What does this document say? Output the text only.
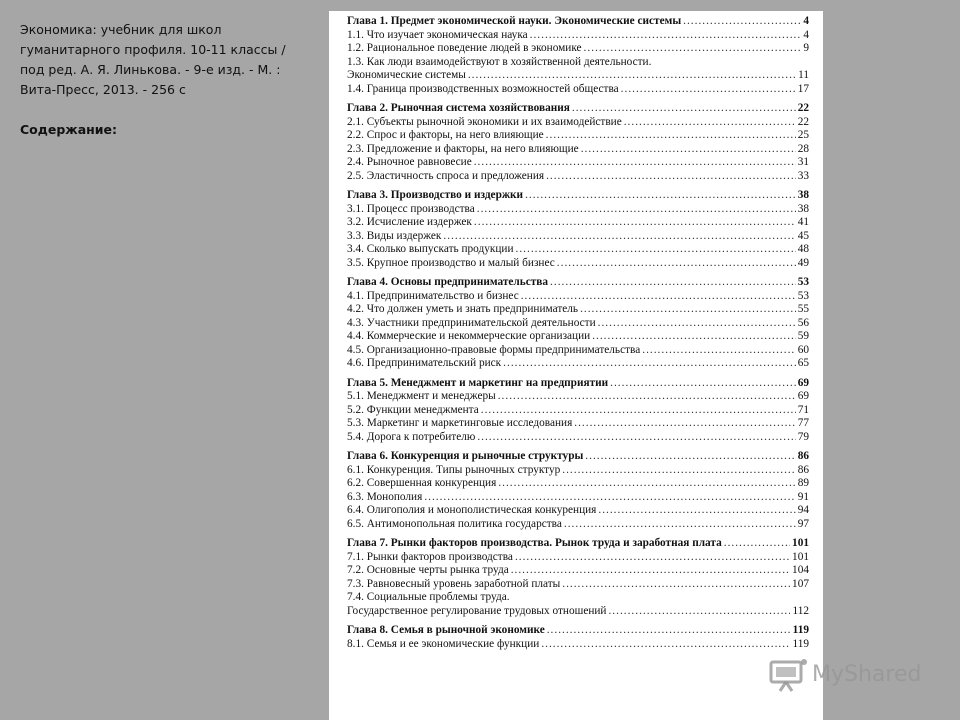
Экономика: учебник для школ
гуманитарного профиля. 10-11 классы /
под ред. А. Я. Линькова. - 9-е изд. - М. :
Вита-Пресс, 2013. - 256 с
Содержание:
Глава 1. Предмет экономической науки. Экономические системы .....	4
1.1. Что изучает экономическая наука .....	4
1.2. Рациональное поведение людей в экономике .....	9
1.3. Как люди взаимодействуют в хозяйственной деятельности.
Экономические системы .....	11
1.4. Граница производственных возможностей общества .....	17
Глава 2. Рыночная система хозяйствования .....	22
2.1. Субъекты рыночной экономики и их взаимодействие .....	22
2.2. Спрос и факторы, на него влияющие .....	25
2.3. Предложение и факторы, на него влияющие .....	28
2.4. Рыночное равновесие .....	31
2.5. Эластичность спроса и предложения .....	33
Глава 3. Производство и издержки .....	38
3.1. Процесс производства .....	38
3.2. Исчисление издержек .....	41
3.3. Виды издержек .....	45
3.4. Сколько выпускать продукции .....	48
3.5. Крупное производство и малый бизнес .....	49
Глава 4. Основы предпринимательства .....	53
4.1. Предпринимательство и бизнес .....	53
4.2. Что должен уметь и знать предприниматель .....	55
4.3. Участники предпринимательской деятельности .....	56
4.4. Коммерческие и некоммерческие организации .....	59
4.5. Организационно-правовые формы предпринимательства .....	60
4.6. Предпринимательский риск .....	65
Глава 5. Менеджмент и маркетинг на предприятии .....	69
5.1. Менеджмент и менеджеры .....	69
5.2. Функции менеджмента .....	71
5.3. Маркетинг и маркетинговые исследования .....	77
5.4. Дорога к потребителю .....	79
Глава 6. Конкуренция и рыночные структуры .....	86
6.1. Конкуренция. Типы рыночных структур .....	86
6.2. Совершенная конкуренция .....	89
6.3. Монополия .....	91
6.4. Олигополия и монополистическая конкуренция .....	94
6.5. Антимонопольная политика государства .....	97
Глава 7. Рынки факторов производства. Рынок труда и заработная плата .....	101
7.1. Рынки факторов производства .....	101
7.2. Основные черты рынка труда .....	104
7.3. Равновесный уровень заработной платы .....	107
7.4. Социальные проблемы труда.
Государственное регулирование трудовых отношений .....	112
Глава 8. Семья в рыночной экономике .....	119
8.1. Семья и ее экономические функции .....	119
MyShared
